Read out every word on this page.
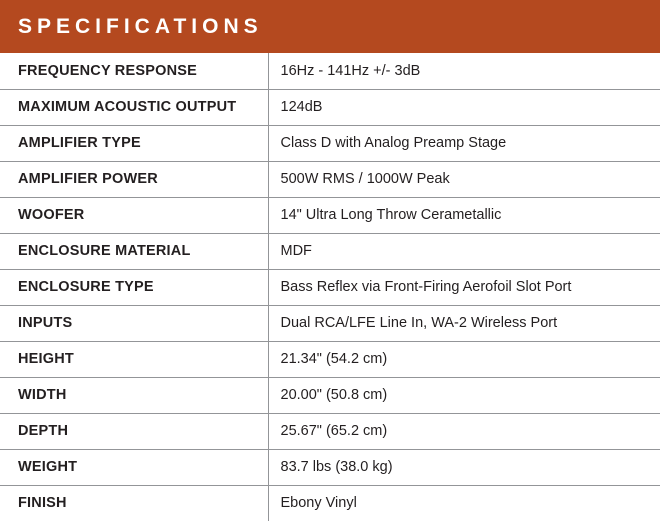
SPECIFICATIONS
FREQUENCY RESPONSE	16Hz - 141Hz +/- 3dB
MAXIMUM ACOUSTIC OUTPUT	124dB
AMPLIFIER TYPE	Class D with Analog Preamp Stage
AMPLIFIER POWER	500W RMS / 1000W Peak
WOOFER	14" Ultra Long Throw Cerametallic
ENCLOSURE MATERIAL	MDF
ENCLOSURE TYPE	Bass Reflex via Front-Firing Aerofoil Slot Port
INPUTS	Dual RCA/LFE Line In, WA-2 Wireless Port
HEIGHT	21.34" (54.2 cm)
WIDTH	20.00" (50.8 cm)
DEPTH	25.67" (65.2 cm)
WEIGHT	83.7 lbs (38.0 kg)
FINISH	Ebony Vinyl
